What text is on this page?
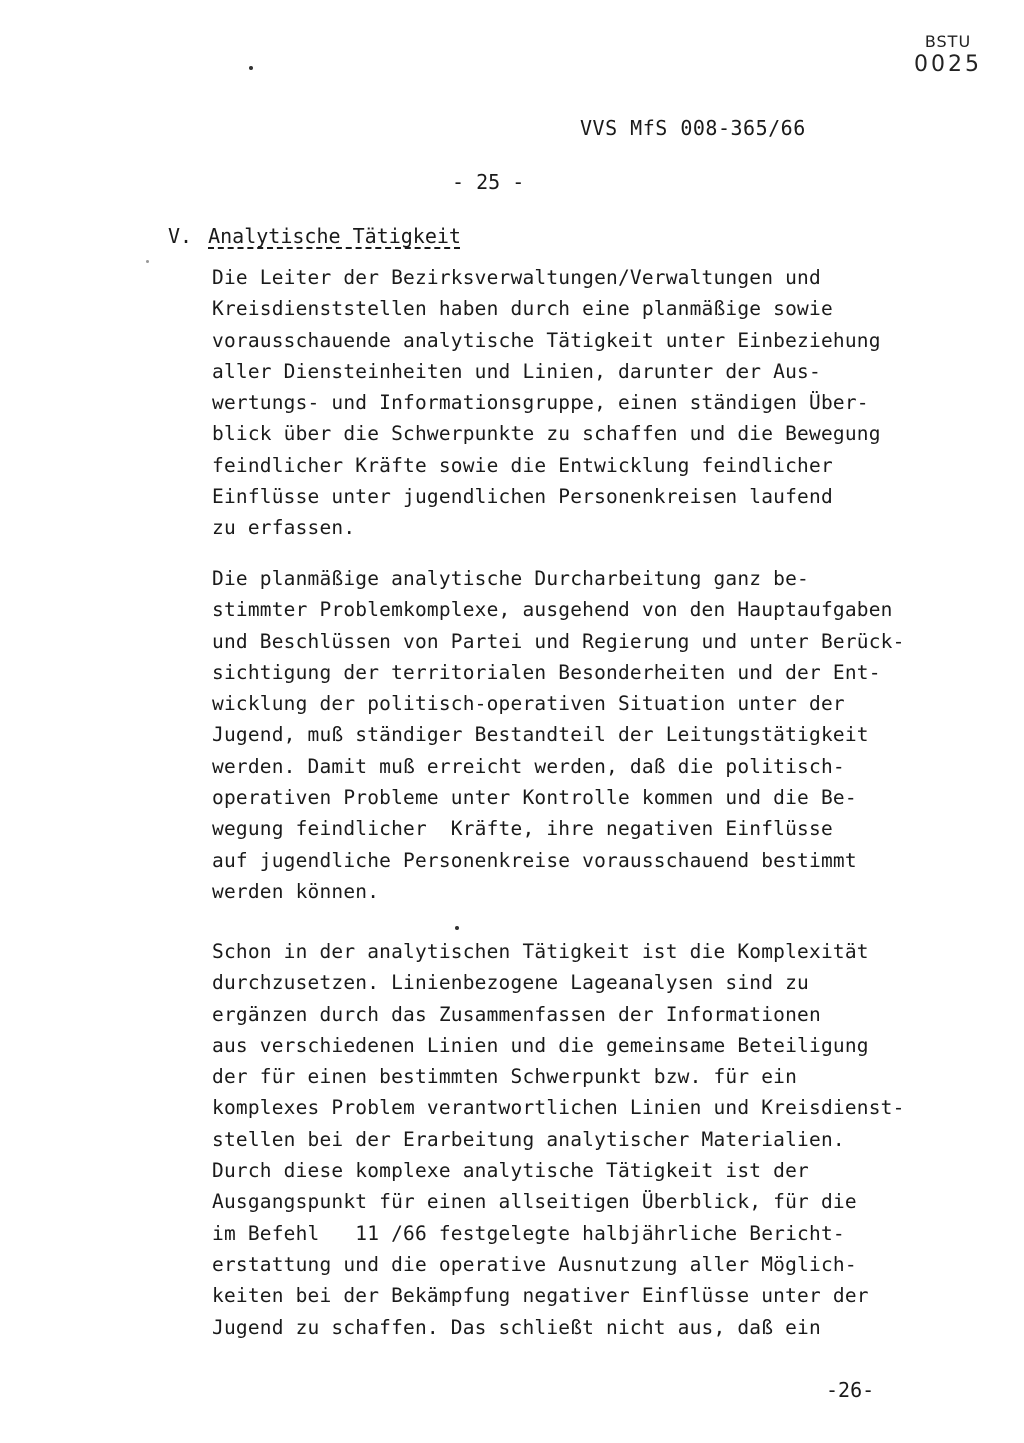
BSTU
0025
VVS MfS 008-365/66
- 25 -
V. Analytische Tätigkeit
Die Leiter der Bezirksverwaltungen/Verwaltungen und
Kreisdienststellen haben durch eine planmäßige sowie
vorausschauende analytische Tätigkeit unter Einbeziehung
aller Diensteinheiten und Linien, darunter der Aus-
wertungs- und Informationsgruppe, einen ständigen Über-
blick über die Schwerpunkte zu schaffen und die Bewegung
feindlicher Kräfte sowie die Entwicklung feindlicher
Einflüsse unter jugendlichen Personenkreisen laufend
zu erfassen.
Die planmäßige analytische Durcharbeitung ganz be-
stimmter Problemkomplexe, ausgehend von den Hauptaufgaben
und Beschlüssen von Partei und Regierung und unter Berück-
sichtigung der territorialen Besonderheiten und der Ent-
wicklung der politisch-operativen Situation unter der
Jugend, muß ständiger Bestandteil der Leitungstätigkeit
werden. Damit muß erreicht werden, daß die politisch-
operativen Probleme unter Kontrolle kommen und die Be-
wegung feindlicher  Kräfte, ihre negativen Einflüsse
auf jugendliche Personenkreise vorausschauend bestimmt
werden können.
Schon in der analytischen Tätigkeit ist die Komplexität
durchzusetzen. Linienbezogene Lageanalysen sind zu
ergänzen durch das Zusammenfassen der Informationen
aus verschiedenen Linien und die gemeinsame Beteiligung
der für einen bestimmten Schwerpunkt bzw. für ein
komplexes Problem verantwortlichen Linien und Kreisdienst-
stellen bei der Erarbeitung analytischer Materialien.
Durch diese komplexe analytische Tätigkeit ist der
Ausgangspunkt für einen allseitigen Überblick, für die
im Befehl   11 /66 festgelegte halbjährliche Bericht-
erstattung und die operative Ausnutzung aller Möglich-
keiten bei der Bekämpfung negativer Einflüsse unter der
Jugend zu schaffen. Das schließt nicht aus, daß ein
-26-
